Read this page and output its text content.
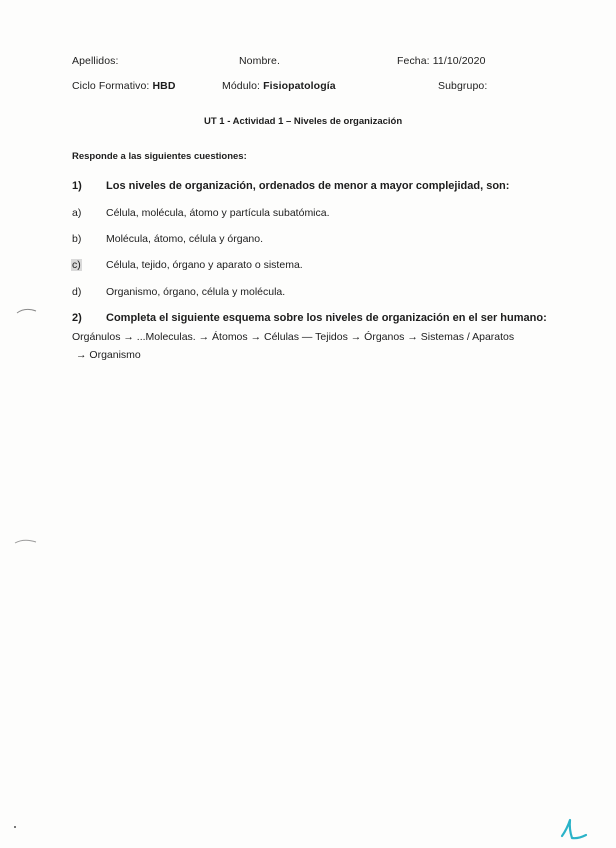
Apellidos:	Nombre.	Fecha: 11/10/2020
Ciclo Formativo: HBD	Módulo: Fisiopatología	Subgrupo:
UT 1 - Actividad 1 – Niveles de organización
Responde a las siguientes cuestiones:
1) Los niveles de organización, ordenados de menor a mayor complejidad, son:
a) Célula, molécula, átomo y partícula subatómica.
b) Molécula, átomo, célula y órgano.
c) Célula, tejido, órgano y aparato o sistema.
d) Organismo, órgano, célula y molécula.
2) Completa el siguiente esquema sobre los niveles de organización en el ser humano:
Orgánulos → ...Moleculas. → Átomos → Células — Tejidos → Órganos → Sistemas / Aparatos
→ Organismo
